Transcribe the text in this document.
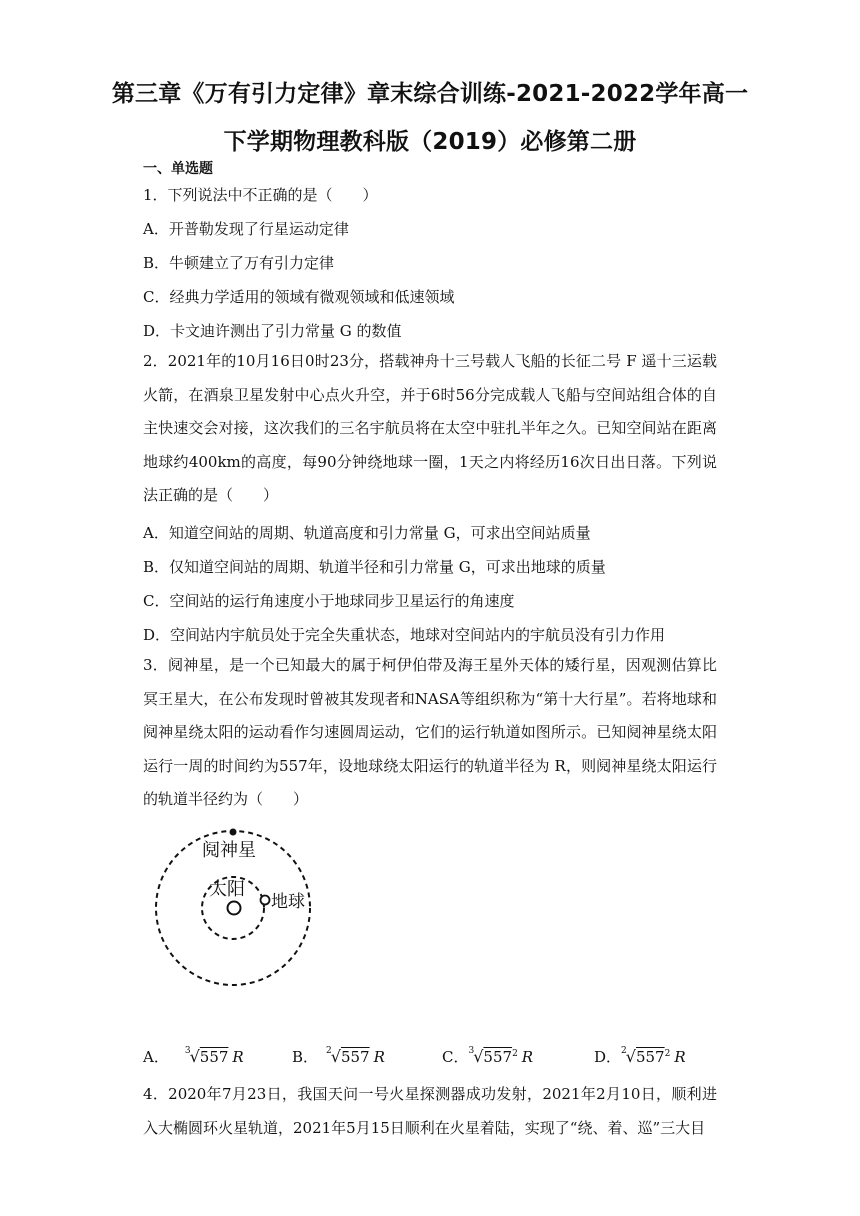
第三章《万有引力定律》章末综合训练-2021-2022学年高一
下学期物理教科版（2019）必修第二册
一、单选题
1．下列说法中不正确的是（　　）
A．开普勒发现了行星运动定律
B．牛顿建立了万有引力定律
C．经典力学适用的领域有微观领域和低速领域
D．卡文迪许测出了引力常量 G 的数值

2．2021年的10月16日0时23分，搭载神舟十三号载人飞船的长征二号 F 遥十三运载火箭，在酒泉卫星发射中心点火升空，并于6时56分完成载人飞船与空间站组合体的自主快速交会对接，这次我们的三名宇航员将在太空中驻扎半年之久。已知空间站在距离地球约400km的高度，每90分钟绕地球一圈，1天之内将经历16次日出日落。下列说法正确的是（　　）

A．知道空间站的周期、轨道高度和引力常量 G，可求出空间站质量
B．仅知道空间站的周期、轨道半径和引力常量 G，可求出地球的质量
C．空间站的运行角速度小于地球同步卫星运行的角速度
D．空间站内宇航员处于完全失重状态，地球对空间站内的宇航员没有引力作用

3．阋神星，是一个已知最大的属于柯伊伯带及海王星外天体的矮行星，因观测估算比冥王星大，在公布发现时曾被其发现者和NASA等组织称为“第十大行星”。若将地球和阋神星绕太阳的运动看作匀速圆周运动，它们的运行轨道如图所示。已知阋神星绕太阳运行一周的时间约为557年，设地球绕太阳运行的轨道半径为 R，则阋神星绕太阳运行的轨道半径约为（　　）

阋神星
太阳
地球
A． $^3$√557 R	B． $^2$√557 R	C．$^3√557^2$ R	D．$^2√557^2$ R

4．2020年7月23日，我国天问一号火星探测器成功发射，2021年2月10日，顺利进入大椭圆环火星轨道，2021年5月15日顺利在火星着陆，实现了“绕、着、巡”三大目
